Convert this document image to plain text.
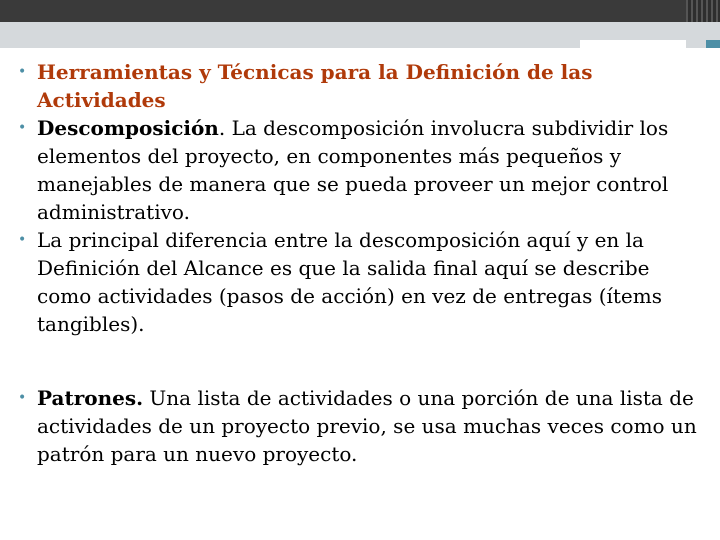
• Herramientas y Técnicas para la Definición de las Actividades
• Descomposición. La descomposición involucra subdividir los elementos del proyecto, en componentes más pequeños y manejables de manera que se pueda proveer un mejor control administrativo.
• La principal diferencia entre la descomposición aquí y en la Definición del Alcance es que la salida final aquí se describe como actividades (pasos de acción) en vez de entregas (ítems tangibles).
• Patrones. Una lista de actividades o una porción de una lista de actividades de un proyecto previo, se usa muchas veces como un patrón para un nuevo proyecto.
